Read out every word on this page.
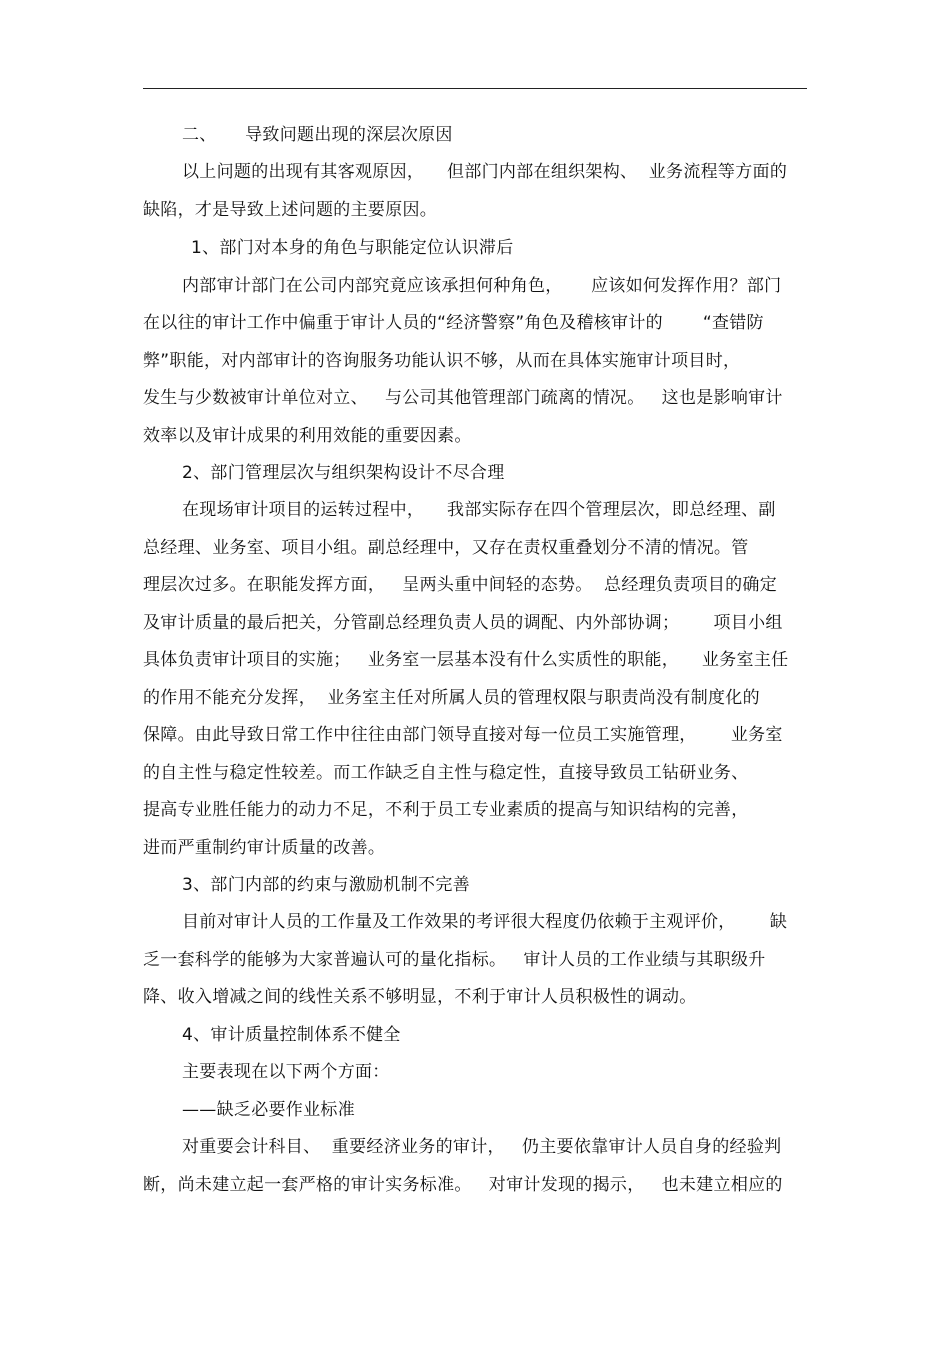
二、     导致问题出现的深层次原因
以上问题的出现有其客观原因，    但部门内部在组织架构、  业务流程等方面的
缺陷，才是导致上述问题的主要原因。
1、部门对本身的角色与职能定位认识滞后
内部审计部门在公司内部究竟应该承担何种角色，     应该如何发挥作用？部门
在以往的审计工作中偏重于审计人员的“经济警察”角色及稽核审计的       “查错防
弊”职能，对内部审计的咨询服务功能认识不够，从而在具体实施审计项目时，
发生与少数被审计单位对立、   与公司其他管理部门疏离的情况。   这也是影响审计
效率以及审计成果的利用效能的重要因素。
2、部门管理层次与组织架构设计不尽合理
在现场审计项目的运转过程中，    我部实际存在四个管理层次，即总经理、副
总经理、业务室、项目小组。副总经理中，又存在责权重叠划分不清的情况。管
理层次过多。在职能发挥方面，   呈两头重中间轻的态势。  总经理负责项目的确定
及审计质量的最后把关，分管副总经理负责人员的调配、内外部协调；      项目小组
具体负责审计项目的实施；   业务室一层基本没有什么实质性的职能，    业务室主任
的作用不能充分发挥，  业务室主任对所属人员的管理权限与职责尚没有制度化的
保障。由此导致日常工作中往往由部门领导直接对每一位员工实施管理，      业务室
的自主性与稳定性较差。而工作缺乏自主性与稳定性，直接导致员工钻研业务、
提高专业胜任能力的动力不足，不利于员工专业素质的提高与知识结构的完善，
进而严重制约审计质量的改善。
3、部门内部的约束与激励机制不完善
目前对审计人员的工作量及工作效果的考评很大程度仍依赖于主观评价，      缺
乏一套科学的能够为大家普遍认可的量化指标。   审计人员的工作业绩与其职级升
降、收入增减之间的线性关系不够明显，不利于审计人员积极性的调动。
4、审计质量控制体系不健全
主要表现在以下两个方面：
——缺乏必要作业标准
对重要会计科目、  重要经济业务的审计，   仍主要依靠审计人员自身的经验判
断，尚未建立起一套严格的审计实务标准。   对审计发现的揭示，   也未建立相应的
